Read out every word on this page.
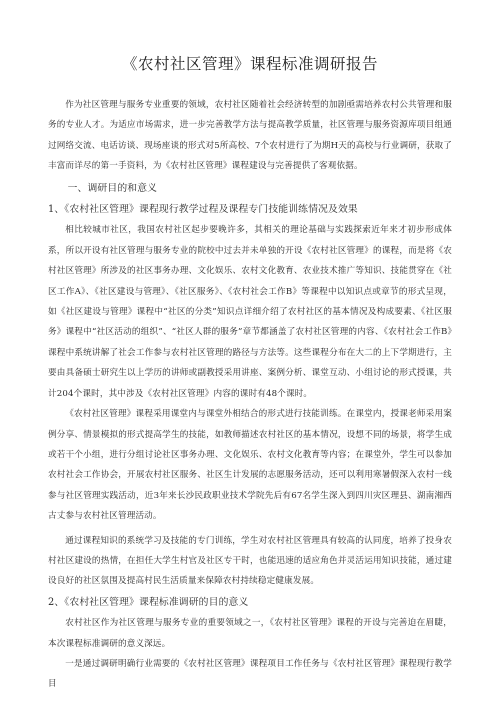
《农村社区管理》课程标准调研报告

作为社区管理与服务专业重要的领域，农村社区随着社会经济转型的加剧亟需培养农村公共管理和服务的专业人才。为适应市场需求，进一步完善教学方法与提高教学质量，社区管理与服务资源库项目组通过网络交流、电话访谈、现场座谈的形式对5所高校、7个农村进行了为期H天的高校与行业调研，获取了丰富而详尽的第一手资料，为《农村社区管理》课程建设与完善提供了客观依据。

一、调研目的和意义

1、《农村社区管理》课程现行教学过程及课程专门技能训练情况及效果

相比较城市社区，我国农村社区起步要晚许多，其相关的理论基础与实践探索近年来才初步形成体系，所以开设有社区管理与服务专业的院校中过去并未单独的开设《农村社区管理》的课程，而是将《农村社区管理》所涉及的社区事务办理、文化娱乐、农村文化教育、农业技术推广等知识、技能贯穿在《社区工作A》、《社区建设与管理》、《社区服务》、《农村社会工作B》等课程中以知识点或章节的形式呈现，如《社区建设与管理》课程中“社区的分类”知识点详细介绍了农村社区的基本情况及构成要素、《社区服务》课程中“社区活动的组织”、“社区人群的服务”章节都涵盖了农村社区管理的内容、《农村社会工作B》课程中系统讲解了社会工作参与农村社区管理的路径与方法等。这些课程分布在大二的上下学期进行，主要由具备硕士研究生以上学历的讲师或副教授采用讲座、案例分析、课堂互动、小组讨论的形式授课，共计204个课时，其中涉及《农村社区管理》内容的课时有48个课时。

《农村社区管理》课程采用课堂内与课堂外相结合的形式进行技能训练。在课堂内，授课老师采用案例分享、情景模拟的形式提高学生的技能，如教师描述农村社区的基本情况，设想不同的场景，将学生成或若干个小组，进行分组讨论社区事务办理、文化娱乐、农村文化教育等内容；在课堂外，学生可以参加农村社会工作协会，开展农村社区服务、社区生计发展的志愿服务活动，还可以利用寒暑假深入农村一线参与社区管理实践活动，近3年来长沙民政职业技术学院先后有67名学生深入到四川灾区理县、湖南湘西古丈参与农村社区管理活动。

通过课程知识的系统学习及技能的专门训练，学生对农村社区管理具有较高的认同度，培养了投身农村社区建设的热情，在担任大学生村官及社区专干时，也能迅速的适应角色并灵活运用知识技能，通过建设良好的社区氛围及提高村民生活质量来保障农村持续稳定健康发展。

2、《农村社区管理》课程标准调研的目的意义

农村社区作为社区管理与服务专业的重要领域之一，《农村社区管理》课程的开设与完善迫在眉睫，本次课程标准调研的意义深远。

一是通过调研明确行业需要的《农村社区管理》课程项目工作任务与《农村社区管理》课程现行教学目
